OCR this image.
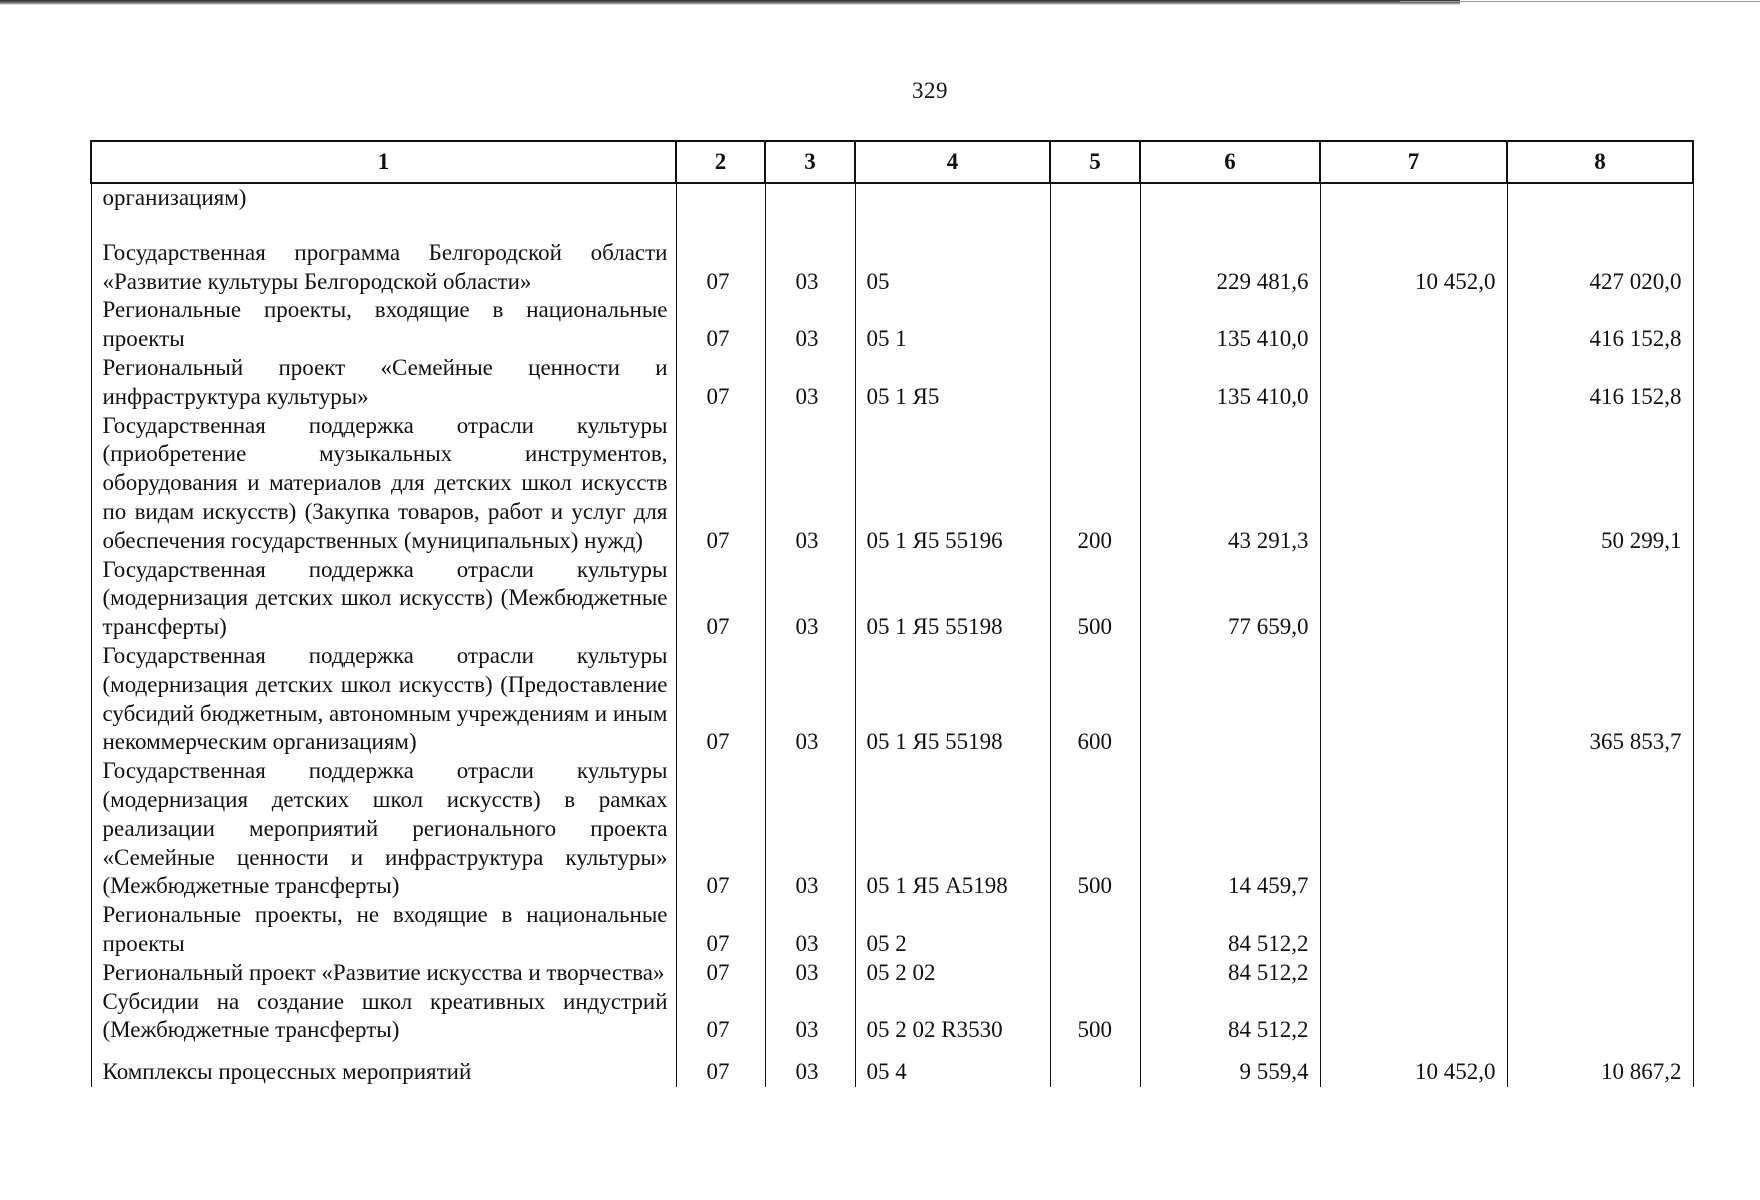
329
1	2	3	4	5	6	7	8
организациям)							

Государственная программа Белгородской области «Развитие культуры Белгородской области»	07	03	05		229 481,6	10 452,0	427 020,0
Региональные проекты, входящие в национальные проекты	07	03	05 1		135 410,0		416 152,8
Региональный проект «Семейные ценности и инфраструктура культуры»	07	03	05 1 Я5		135 410,0		416 152,8
Государственная поддержка отрасли культуры (приобретение музыкальных инструментов, оборудования и материалов для детских школ искусств по видам искусств) (Закупка товаров, работ и услуг для обеспечения государственных (муниципальных) нужд)	07	03	05 1 Я5 55196	200	43 291,3		50 299,1
Государственная поддержка отрасли культуры (модернизация детских школ искусств) (Межбюджетные трансферты)	07	03	05 1 Я5 55198	500	77 659,0		
Государственная поддержка отрасли культуры (модернизация детских школ искусств) (Предоставление субсидий бюджетным, автономным учреждениям и иным некоммерческим организациям)	07	03	05 1 Я5 55198	600			365 853,7
Государственная поддержка отрасли культуры (модернизация детских школ искусств) в рамках реализации мероприятий регионального проекта «Семейные ценности и инфраструктура культуры» (Межбюджетные трансферты)	07	03	05 1 Я5 А5198	500	14 459,7		
Региональные проекты, не входящие в национальные проекты	07	03	05 2		84 512,2		
Региональный проект «Развитие искусства и творчества»	07	03	05 2 02		84 512,2		
Субсидии на создание школ креативных индустрий (Межбюджетные трансферты)	07	03	05 2 02 R3530	500	84 512,2		
Комплексы процессных мероприятий	07	03	05 4		9 559,4	10 452,0	10 867,2
